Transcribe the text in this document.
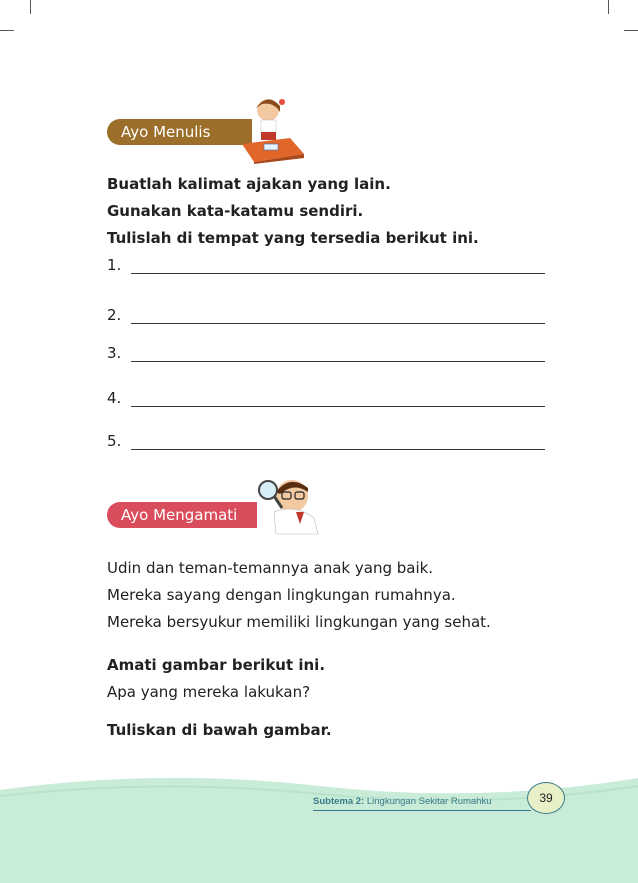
Ayo Menulis
Buatlah kalimat ajakan yang lain.
Gunakan kata-katamu sendiri.
Tulislah di tempat yang tersedia berikut ini.
1.
2.
3.
4.
5.
Ayo Mengamati
Udin dan teman-temannya anak yang baik.
Mereka sayang dengan lingkungan rumahnya.
Mereka bersyukur memiliki lingkungan yang sehat.
Amati gambar berikut ini.
Apa yang mereka lakukan?
Tuliskan di bawah gambar.
Subtema 2: Lingkungan Sekitar Rumahku	39
